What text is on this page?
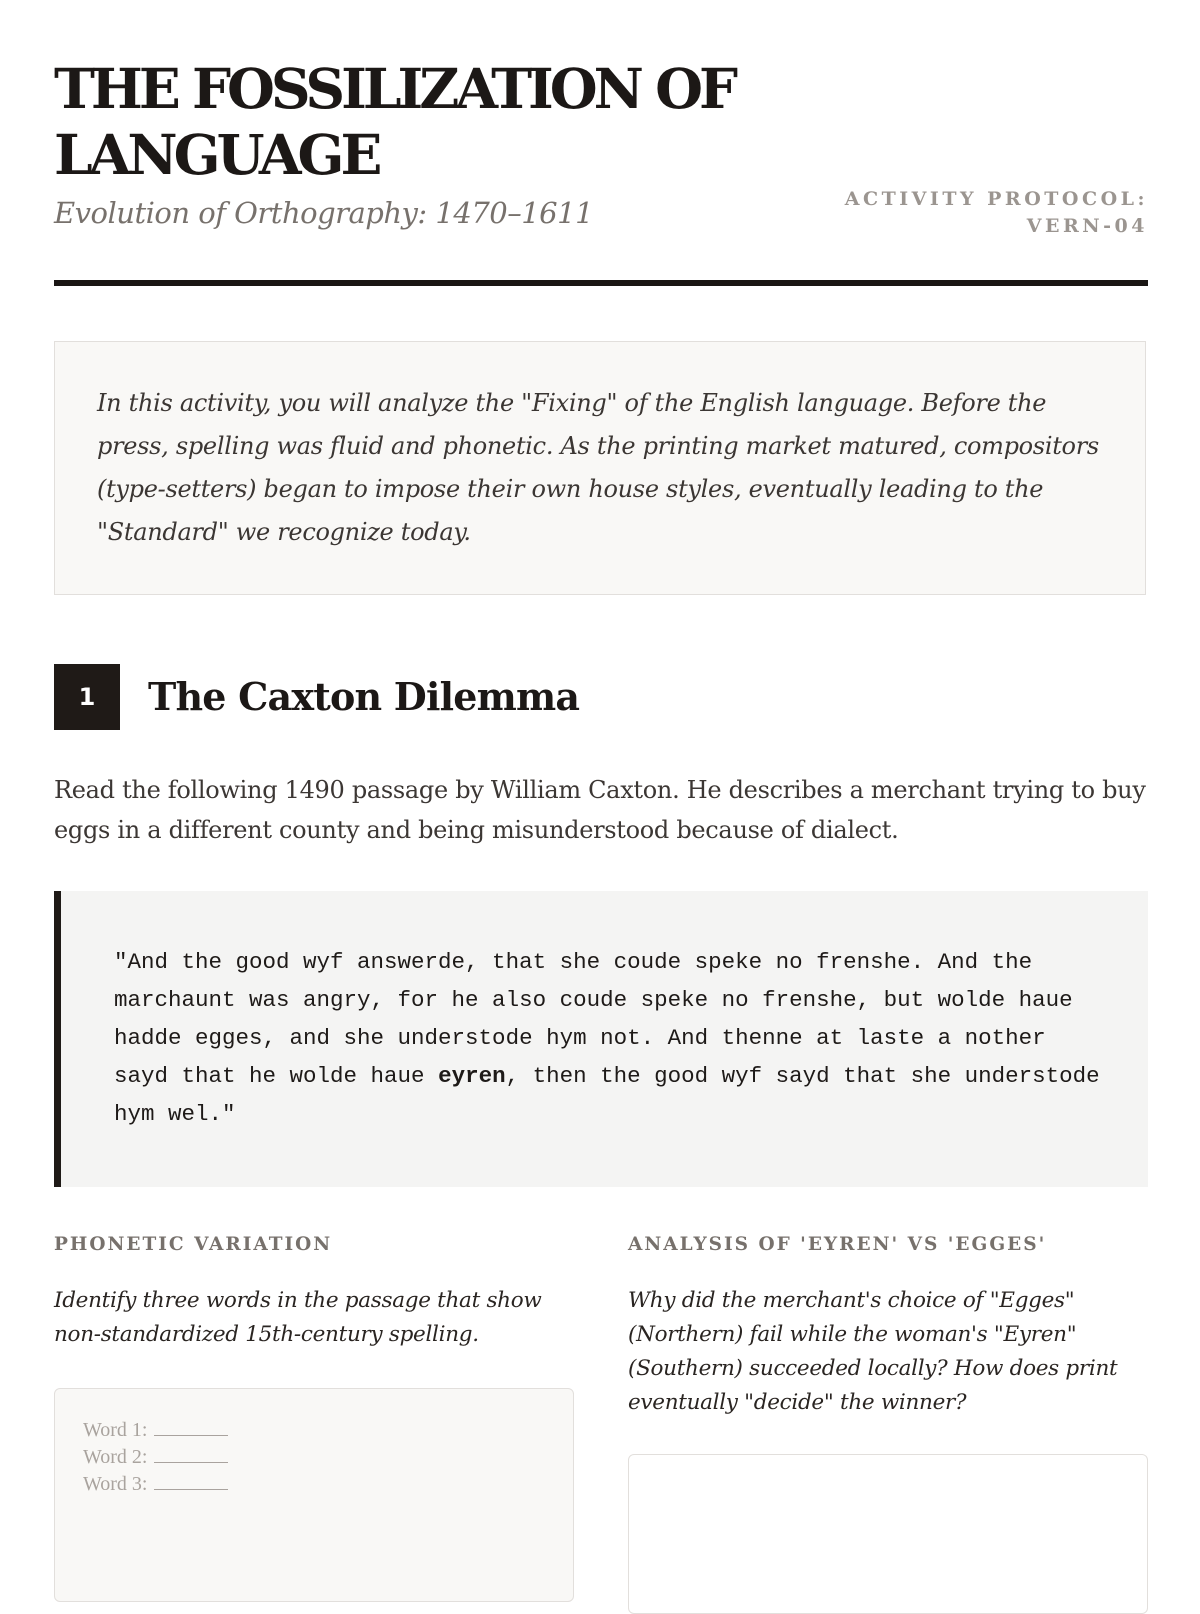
THE FOSSILIZATION OF LANGUAGE

Evolution of Orthography: 1470–1611	ACTIVITY PROTOCOL: VERN-04

In this activity, you will analyze the "Fixing" of the English language. Before the press, spelling was fluid and phonetic. As the printing market matured, compositors (type-setters) began to impose their own house styles, eventually leading to the "Standard" we recognize today.

1	The Caxton Dilemma

Read the following 1490 passage by William Caxton. He describes a merchant trying to buy eggs in a different county and being misunderstood because of dialect.

"And the good wyf answerde, that she coude speke no frenshe. And the marchaunt was angry, for he also coude speke no frenshe, but wolde haue hadde egges, and she understode hym not. And thenne at laste a nother sayd that he wolde haue eyren, then the good wyf sayd that she understode hym wel."

PHONETIC VARIATION

Identify three words in the passage that show non-standardized 15th-century spelling.

Word 1:
Word 2:
Word 3:

ANALYSIS OF 'EYREN' VS 'EGGES'

Why did the merchant's choice of "Egges" (Northern) fail while the woman's "Eyren" (Southern) succeeded locally? How does print eventually "decide" the winner?
